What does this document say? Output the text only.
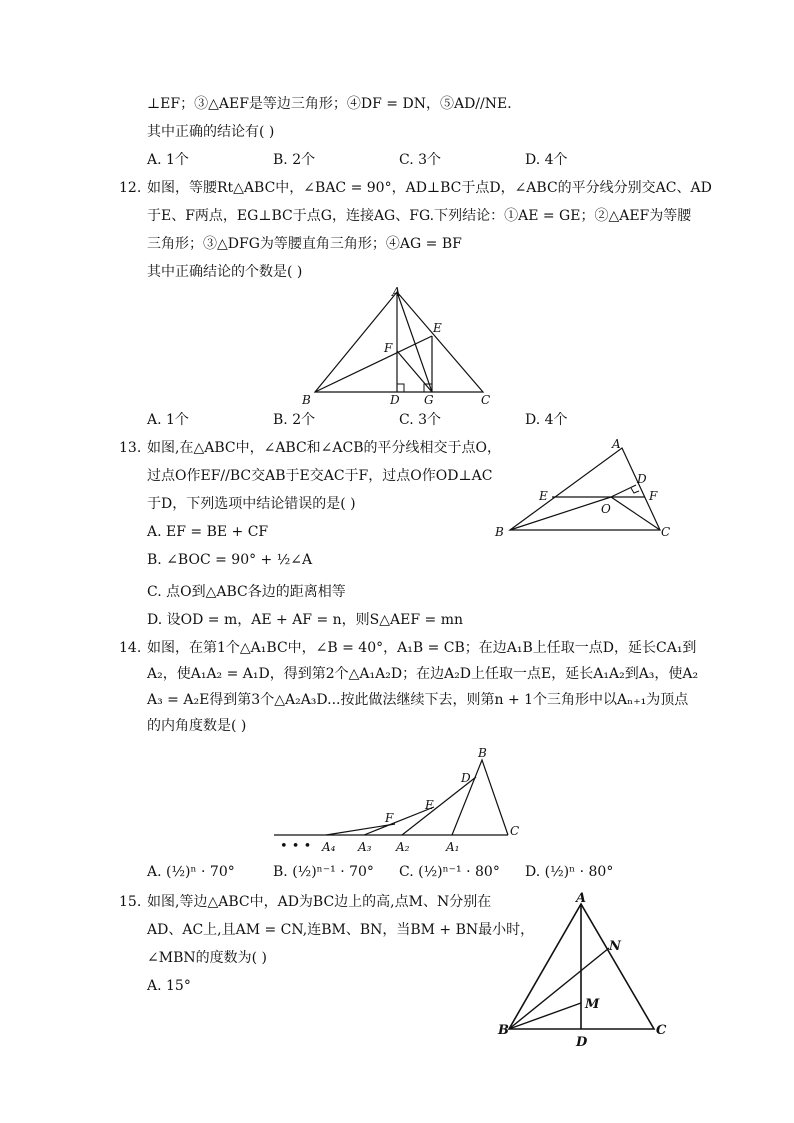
⊥EF；③△AEF是等边三角形；④DF = DN，⑤AD//NE．
其中正确的结论有( )
A. 1个	B. 2个	C. 3个	D. 4个
12. 如图，等腰Rt△ABC中，∠BAC = 90°，AD⊥BC于点D，∠ABC的平分线分别交AC、AD
于E、F两点，EG⊥BC于点G，连接AG、FG.下列结论：①AE = GE；②△AEF为等腰
三角形；③△DFG为等腰直角三角形；④AG = BF
其中正确结论的个数是( )
A
B	C
D
E
F
G
A. 1个	B. 2个	C. 3个	D. 4个
13. 如图,在△ABC中，∠ABC和∠ACB的平分线相交于点O，
过点O作EF//BC交AB于E交AC于F，过点O作OD⊥AC
于D，下列选项中结论错误的是( )
A. EF = BE + CF
B. ∠BOC = 90° + ½∠A
C. 点O到△ABC各边的距离相等
D. 设OD = m，AE + AF = n，则S△AEF = mn
A
B	C
D
E	F
O
14. 如图，在第1个△A₁BC中，∠B = 40°，A₁B = CB；在边A₁B上任取一点D，延长CA₁到
A₂，使A₁A₂ = A₁D，得到第2个△A₁A₂D；在边A₂D上任取一点E，延长A₁A₂到A₃，使A₂
A₃ = A₂E得到第3个△A₂A₃D...按此做法继续下去，则第n + 1个三角形中以Aₙ₊₁为顶点
的内角度数是( )
B
C
D
E
F
A₁
A₂
A₃
A₄
• • •
A. (½)ⁿ · 70°	B. (½)ⁿ⁻¹ · 70° C. (½)ⁿ⁻¹ · 80° D. (½)ⁿ · 80°
15. 如图,等边△ABC中，AD为BC边上的高,点M、N分别在
AD、AC上,且AM = CN,连BM、BN，当BM + BN最小时，
∠MBN的度数为( )
A. 15°
A
B	C
D
M
N
